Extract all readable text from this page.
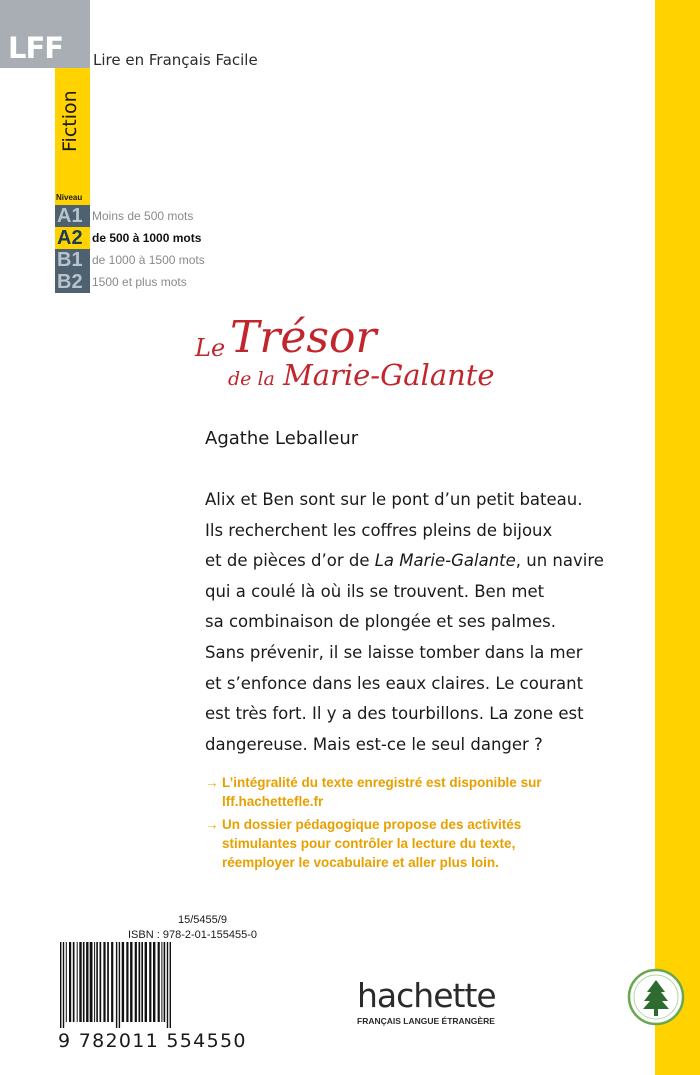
LFF Lire en Français Facile
Fiction
Niveau
A1 Moins de 500 mots
A2 de 500 à 1000 mots
B1 de 1000 à 1500 mots
B2 1500 et plus mots
Le Trésor
de la Marie-Galante
Agathe Leballeur
Alix et Ben sont sur le pont d’un petit bateau.
Ils recherchent les coffres pleins de bijoux
et de pièces d’or de La Marie-Galante, un navire
qui a coulé là où ils se trouvent. Ben met
sa combinaison de plongée et ses palmes.
Sans prévenir, il se laisse tomber dans la mer
et s’enfonce dans les eaux claires. Le courant
est très fort. Il y a des tourbillons. La zone est
dangereuse. Mais est-ce le seul danger ?
→ L’intégralité du texte enregistré est disponible sur
lff.hachettefle.fr
→ Un dossier pédagogique propose des activités
stimulantes pour contrôler la lecture du texte,
réemployer le vocabulaire et aller plus loin.
15/5455/9
ISBN : 978-2-01-155455-0
9 782011 554550
hachette
FRANÇAIS LANGUE ÉTRANGÈRE
